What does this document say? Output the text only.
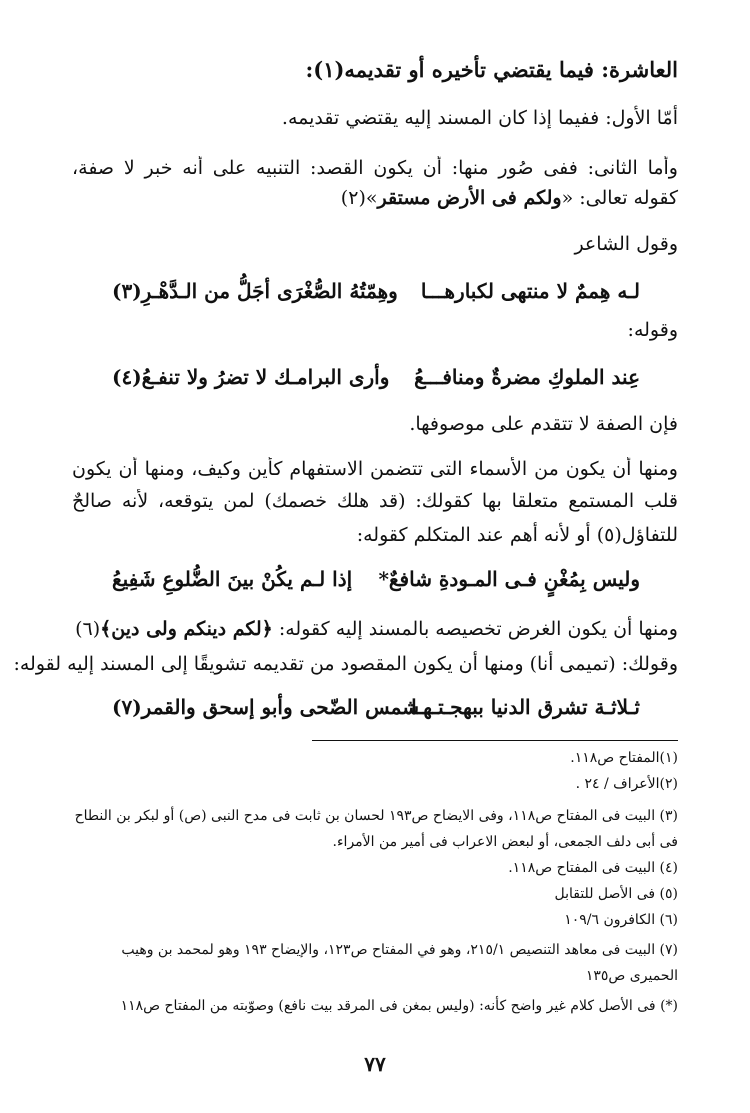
العاشرة: فيما يقتضي تأخيره أو تقديمه(١):
أمّا الأول: ففيما إذا كان المسند إليه يقتضي تقديمه.
وأما الثانى: ففى صُور منها: أن يكون القصد: التنبيه على أنه خبر لا صفة،
كقوله تعالى: «ولكم فى الأرض مستقر»(٢)
وقول الشاعر
لـه هِممٌ لا منتهى لكبارهـــا
وهِمّتُهُ الصُّغْرَى أجَلُّ من الـدَّهْـرِ(٣)
وقوله:
عِند الملوكِ مضرةٌ ومنافـــعُ
وأرى البرامـك لا تضرُ ولا تنفـعُ(٤)
فإن الصفة لا تتقدم على موصوفها.
ومنها أن يكون من الأسماء التى تتضمن الاستفهام كأين وكيف، ومنها أن يكون
قلب المستمع متعلقا بها كقولك: (قد هلك خصمك) لمن يتوقعه، لأنه صالحٌ
للتفاؤل(٥) أو لأنه أهم عند المتكلم كقوله:
وليس بِمُغْنٍ فـى المـودةِ شافعٌ*
إذا لـم يكُنْ بينَ الضُّلوعِ شَفِيعُ
ومنها أن يكون الغرض تخصيصه بالمسند إليه كقوله: ﴿لكم دينكم ولى دين﴾(٦)
وقولك: (تميمى أنا) ومنها أن يكون المقصود من تقديمه تشويقًا إلى المسند إليه لقوله:
ثـلاثـة تشرق الدنيا ببهجـتـهـا
شمس الضّحى وأبو إسحق والقمر(٧)
(١)المفتاح ص١١٨.
(٢)الأعراف / ٢٤ .
(٣) البيت فى المفتاح ص١١٨، وفى الايضاح ص١٩٣ لحسان بن ثابت فى مدح النبى (ص) أو لبكر بن النطاح
فى أبى دلف الجمعى، أو لبعض الاعراب فى أمير من الأمراء.
(٤) البيت فى المفتاح ص١١٨.
(٥) فى الأصل للتقابل
(٦) الكافرون ١٠٩/٦
(٧) البيت فى معاهد التنصيص ٢١٥/١، وهو في المفتاح ص١٢٣، والإيضاح ١٩٣ وهو لمحمد بن وهيب
الحميرى ص١٣٥
(*) فى الأصل كلام غير واضح كأنه: (وليس بمغن فى المرقد بيت نافع) وصوّبته من المفتاح ص١١٨
٧٧
